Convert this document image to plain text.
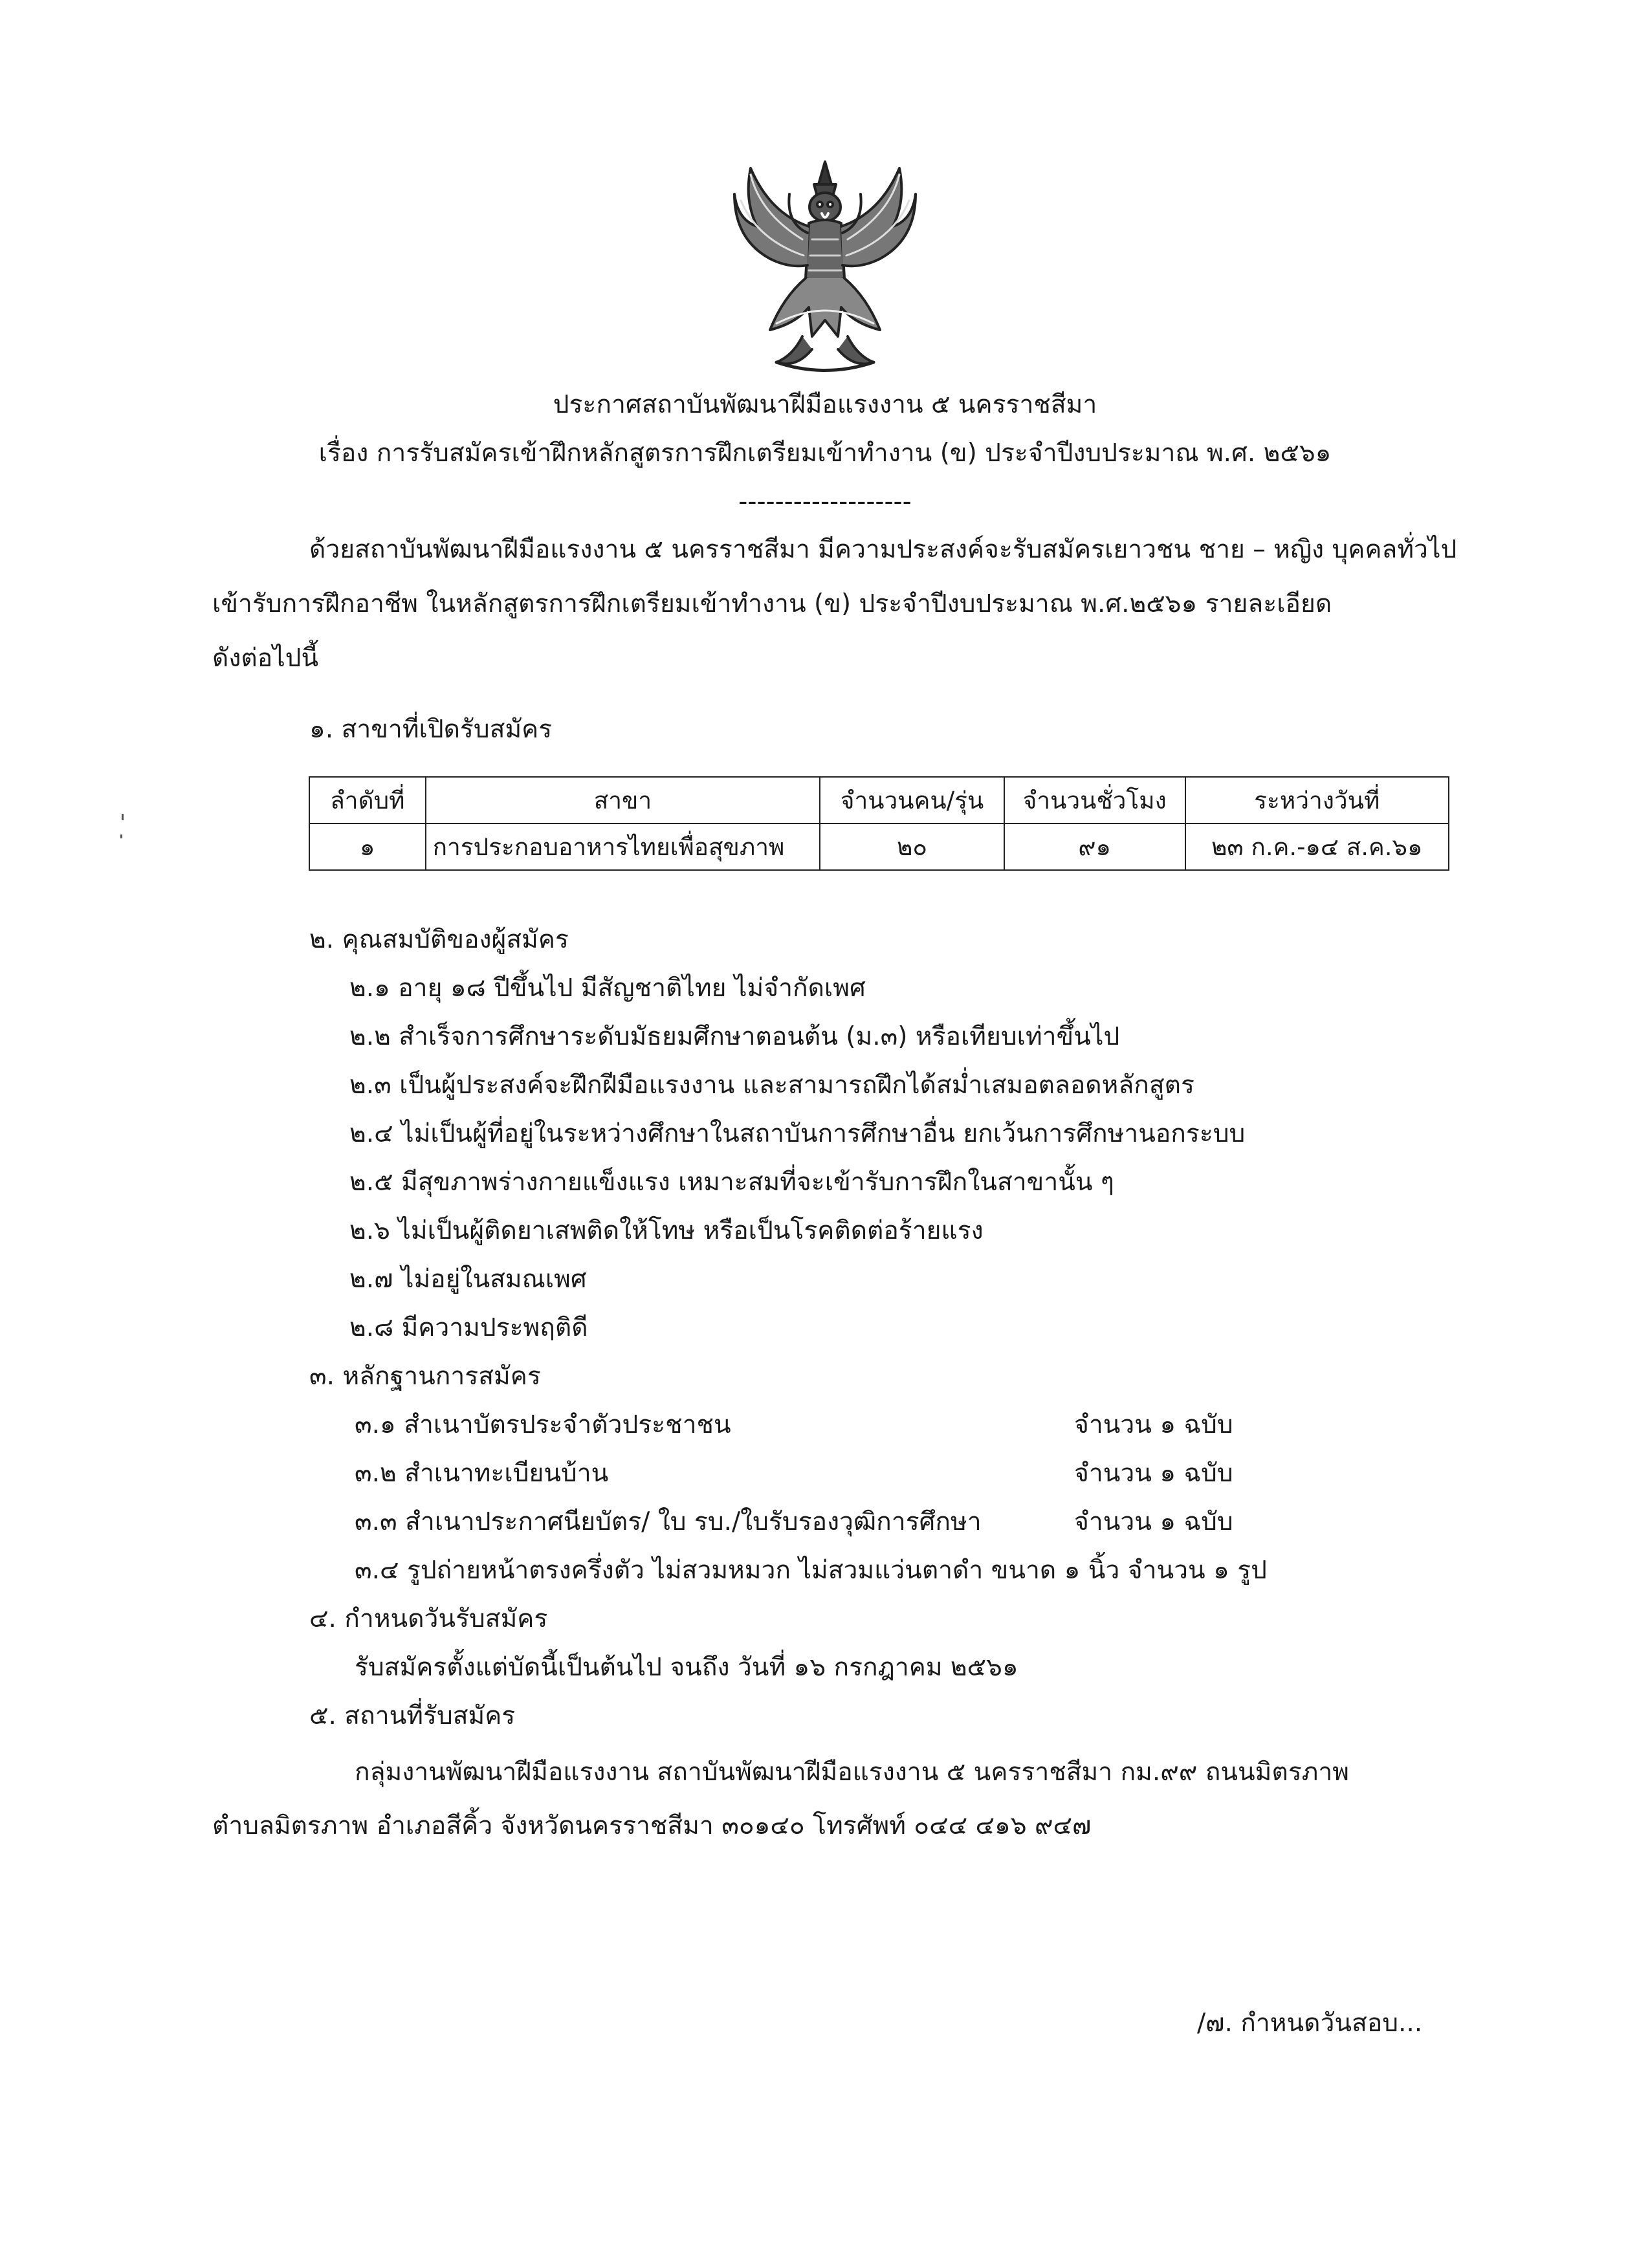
ประกาศสถาบันพัฒนาฝีมือแรงงาน ๕ นครราชสีมา
เรื่อง การรับสมัครเข้าฝึกหลักสูตรการฝึกเตรียมเข้าทำงาน (ข) ประจำปีงบประมาณ พ.ศ. ๒๕๖๑
-------------------
ด้วยสถาบันพัฒนาฝีมือแรงงาน ๕ นครราชสีมา มีความประสงค์จะรับสมัครเยาวชน ชาย – หญิง บุคคลทั่วไป
เข้ารับการฝึกอาชีพ ในหลักสูตรการฝึกเตรียมเข้าทำงาน (ข) ประจำปีงบประมาณ พ.ศ.๒๕๖๑ รายละเอียด
ดังต่อไปนี้
๑. สาขาที่เปิดรับสมัคร
ลำดับที่	สาขา	จำนวนคน/รุ่น	จำนวนชั่วโมง	ระหว่างวันที่
๑	การประกอบอาหารไทยเพื่อสุขภาพ	๒๐	๙๑	๒๓ ก.ค.-๑๔ ส.ค.๖๑
๒. คุณสมบัติของผู้สมัคร
๒.๑ อายุ ๑๘ ปีขึ้นไป มีสัญชาติไทย ไม่จำกัดเพศ
๒.๒ สำเร็จการศึกษาระดับมัธยมศึกษาตอนต้น (ม.๓) หรือเทียบเท่าขึ้นไป
๒.๓ เป็นผู้ประสงค์จะฝึกฝีมือแรงงาน และสามารถฝึกได้สม่ำเสมอตลอดหลักสูตร
๒.๔ ไม่เป็นผู้ที่อยู่ในระหว่างศึกษาในสถาบันการศึกษาอื่น ยกเว้นการศึกษานอกระบบ
๒.๕ มีสุขภาพร่างกายแข็งแรง เหมาะสมที่จะเข้ารับการฝึกในสาขานั้น ๆ
๒.๖ ไม่เป็นผู้ติดยาเสพติดให้โทษ หรือเป็นโรคติดต่อร้ายแรง
๒.๗ ไม่อยู่ในสมณเพศ
๒.๘ มีความประพฤติดี
๓. หลักฐานการสมัคร
๓.๑ สำเนาบัตรประจำตัวประชาชน	จำนวน ๑ ฉบับ
๓.๒ สำเนาทะเบียนบ้าน	จำนวน ๑ ฉบับ
๓.๓ สำเนาประกาศนียบัตร/ ใบ รบ./ใบรับรองวุฒิการศึกษา	จำนวน ๑ ฉบับ
๓.๔ รูปถ่ายหน้าตรงครึ่งตัว ไม่สวมหมวก ไม่สวมแว่นตาดำ ขนาด ๑ นิ้ว จำนวน ๑ รูป
๔. กำหนดวันรับสมัคร
รับสมัครตั้งแต่บัดนี้เป็นต้นไป จนถึง วันที่ ๑๖ กรกฎาคม ๒๕๖๑
๕. สถานที่รับสมัคร
กลุ่มงานพัฒนาฝีมือแรงงาน สถาบันพัฒนาฝีมือแรงงาน ๕ นครราชสีมา กม.๙๙ ถนนมิตรภาพ
ตำบลมิตรภาพ อำเภอสีคิ้ว จังหวัดนครราชสีมา ๓๐๑๔๐ โทรศัพท์ ๐๔๔ ๔๑๖ ๙๔๗
/๗. กำหนดวันสอบ...
